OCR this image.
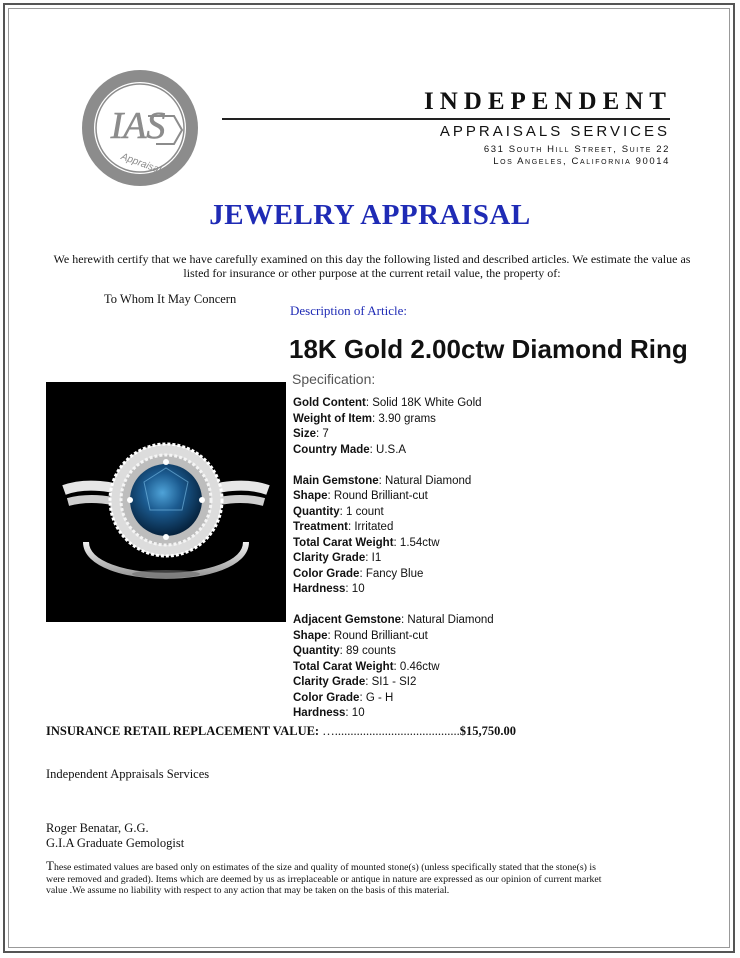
IAS
Appraisal
INDEPENDENT
APPRAISALS SERVICES
631 South Hill Street, Suite 22
Los Angeles, California 90014
JEWELRY APPRAISAL
We herewith certify that we have carefully examined on this day the following listed and described articles. We estimate the value as listed for insurance or other purpose at the current retail value, the property of:
To Whom It May Concern
Description of Article:
18K Gold 2.00ctw Diamond Ring
Specification:
Gold Content: Solid 18K White Gold
Weight of Item: 3.90 grams
Size: 7
Country Made: U.S.A
Main Gemstone: Natural Diamond
Shape: Round Brilliant-cut
Quantity: 1 count
Treatment: Irritated
Total Carat Weight: 1.54ctw
Clarity Grade: I1
Color Grade: Fancy Blue
Hardness: 10
Adjacent Gemstone: Natural Diamond
Shape: Round Brilliant-cut
Quantity: 89 counts
Total Carat Weight: 0.46ctw
Clarity Grade: SI1 - SI2
Color Grade: G - H
Hardness: 10
INSURANCE RETAIL REPLACEMENT VALUE: …........................................$15,750.00
Independent Appraisals Services
Roger Benatar, G.G.
G.I.A Graduate Gemologist
These estimated values are based only on estimates of the size and quality of mounted stone(s) (unless specifically stated that the stone(s) is were removed and graded). Items which are deemed by us as irreplaceable or antique in nature are expressed as our opinion of current market value .We assume no liability with respect to any action that may be taken on the basis of this material.
